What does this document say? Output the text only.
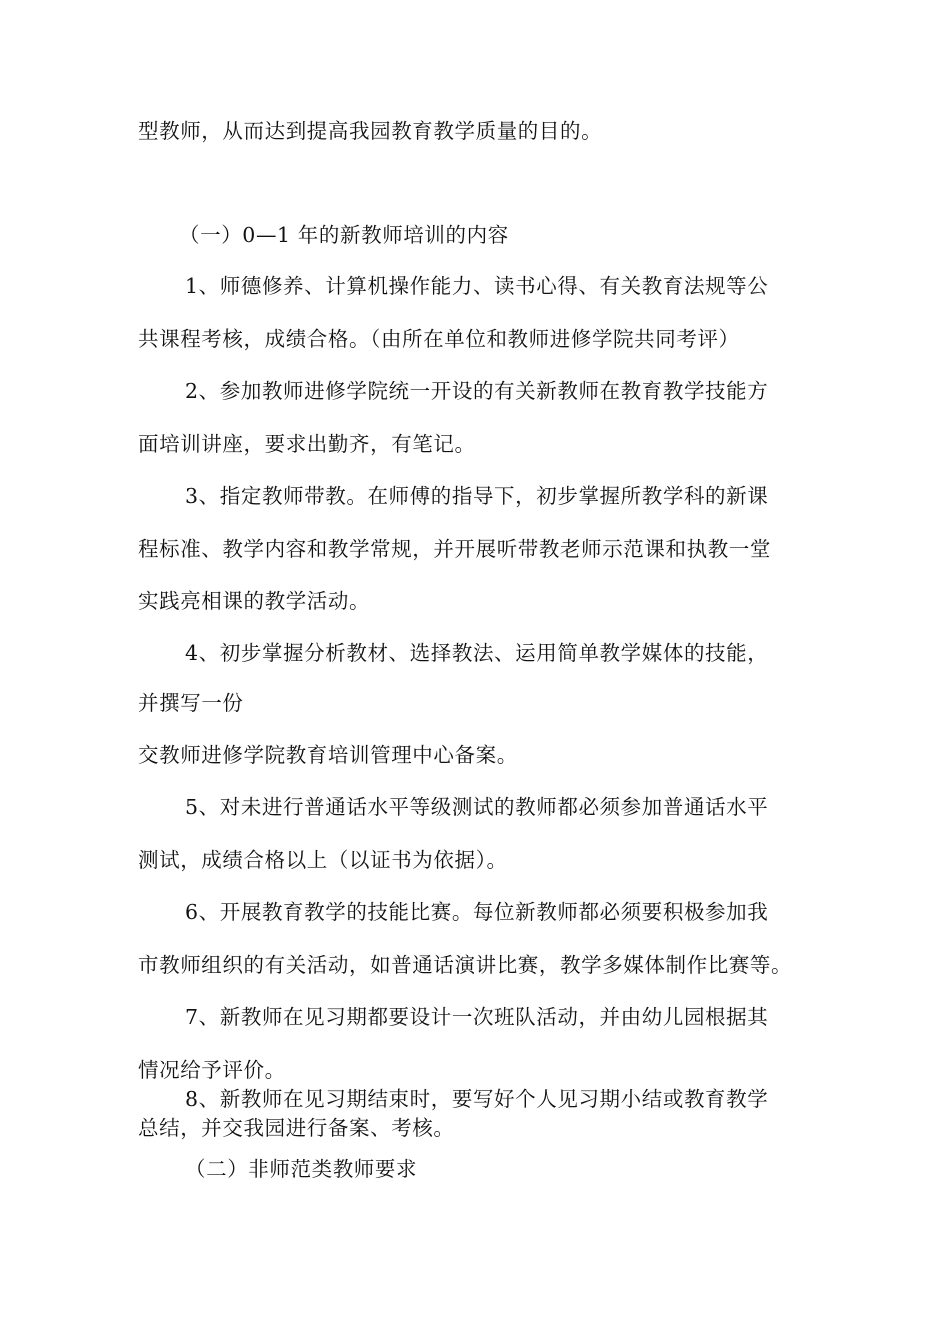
型教师，从而达到提高我园教育教学质量的目的。
（一）0—1 年的新教师培训的内容
1、师德修养、计算机操作能力、读书心得、有关教育法规等公
共课程考核，成绩合格。（由所在单位和教师进修学院共同考评）
2、参加教师进修学院统一开设的有关新教师在教育教学技能方
面培训讲座，要求出勤齐，有笔记。
3、指定教师带教。在师傅的指导下，初步掌握所教学科的新课
程标准、教学内容和教学常规，并开展听带教老师示范课和执教一堂
实践亮相课的教学活动。
4、初步掌握分析教材、选择教法、运用简单教学媒体的技能，
并撰写一份
交教师进修学院教育培训管理中心备案。
5、对未进行普通话水平等级测试的教师都必须参加普通话水平
测试，成绩合格以上（以证书为依据）。
6、开展教育教学的技能比赛。每位新教师都必须要积极参加我
市教师组织的有关活动，如普通话演讲比赛，教学多媒体制作比赛等。
7、新教师在见习期都要设计一次班队活动，并由幼儿园根据其
情况给予评价。
8、新教师在见习期结束时，要写好个人见习期小结或教育教学
总结，并交我园进行备案、考核。
（二）非师范类教师要求
